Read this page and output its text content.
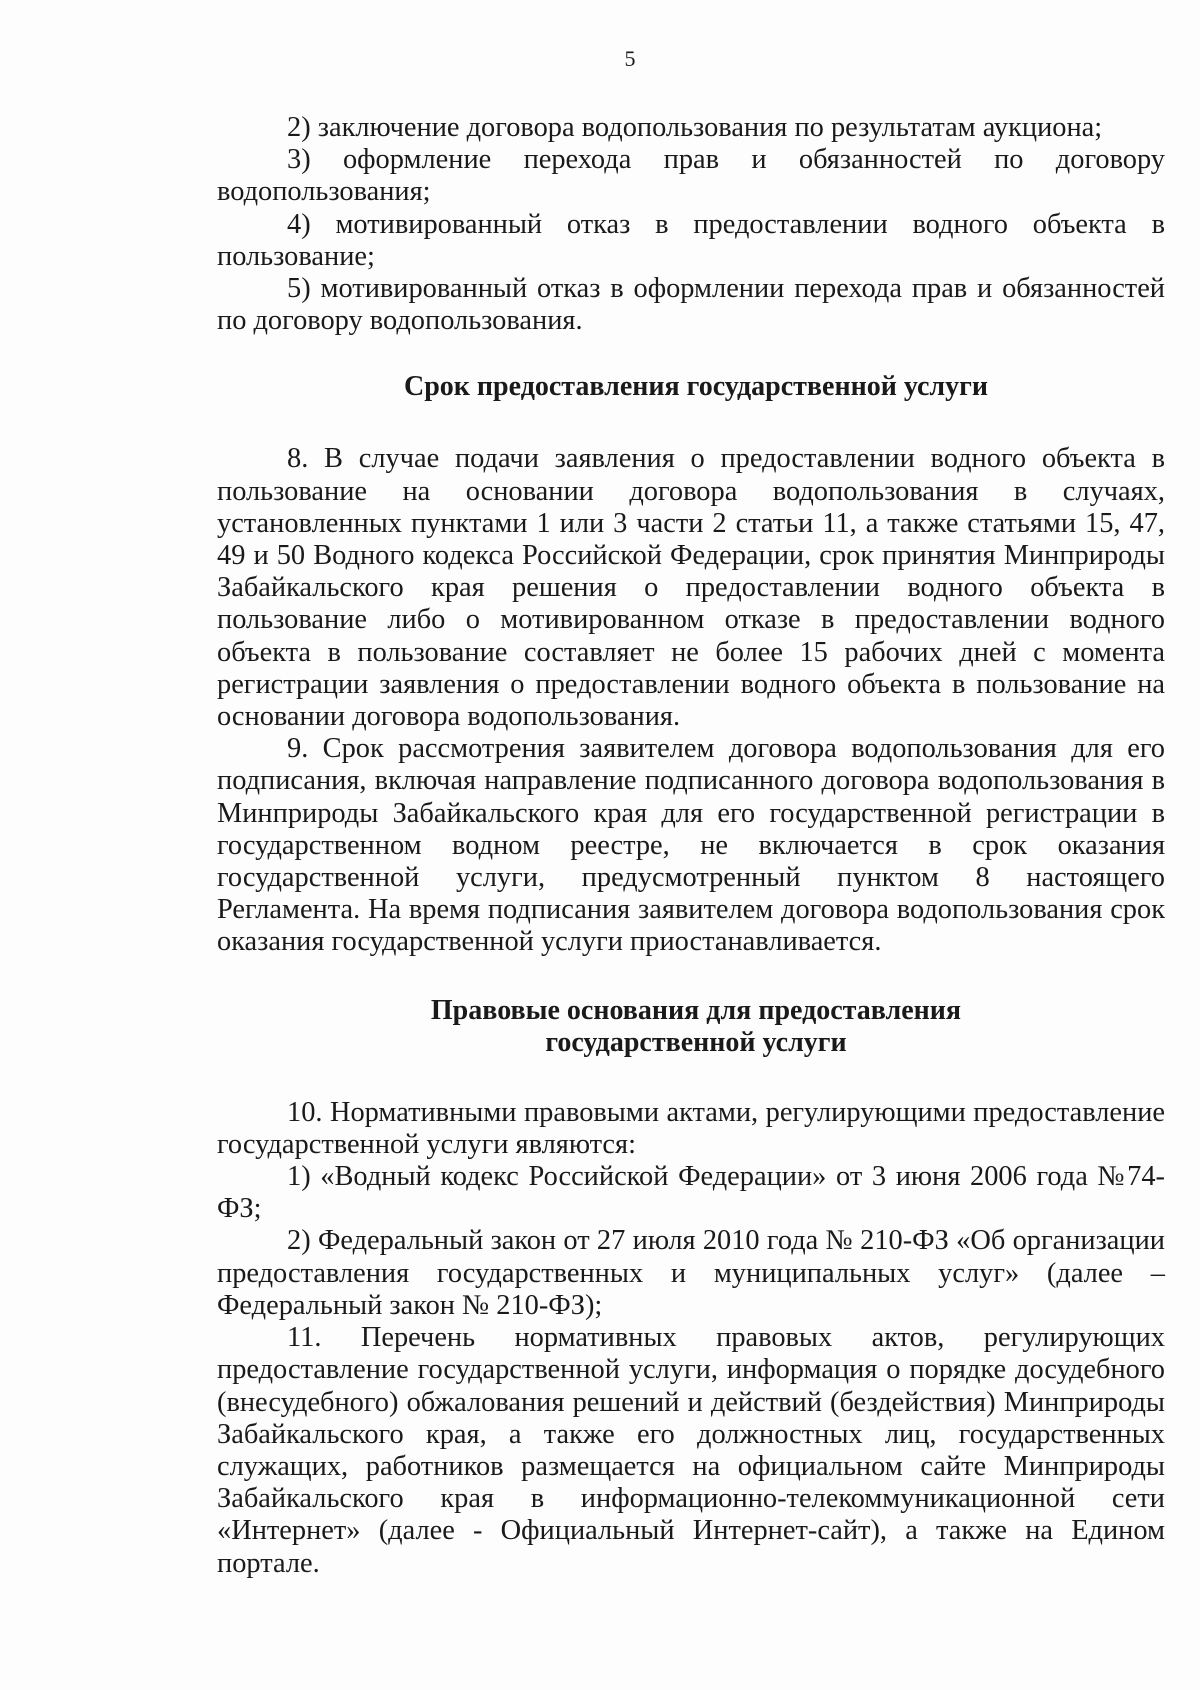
5

2) заключение договора водопользования по результатам аукциона;

3) оформление перехода прав и обязанностей по договору водопользования;

4) мотивированный отказ в предоставлении водного объекта в пользование;

5) мотивированный отказ в оформлении перехода прав и обязанностей по договору водопользования.

Срок предоставления государственной услуги

8. В случае подачи заявления о предоставлении водного объекта в пользование на основании договора водопользования в случаях, установленных пунктами 1 или 3 части 2 статьи 11, а также статьями 15, 47, 49 и 50 Водного кодекса Российской Федерации, срок принятия Минприроды Забайкальского края решения о предоставлении водного объекта в пользование либо о мотивированном отказе в предоставлении водного объекта в пользование составляет не более 15 рабочих дней с момента регистрации заявления о предоставлении водного объекта в пользование на основании договора водопользования.

9. Срок рассмотрения заявителем договора водопользования для его подписания, включая направление подписанного договора водопользования в Минприроды Забайкальского края для его государственной регистрации в государственном водном реестре, не включается в срок оказания государственной услуги, предусмотренный пунктом 8 настоящего Регламента. На время подписания заявителем договора водопользования срок оказания государственной услуги приостанавливается.

Правовые основания для предоставления
государственной услуги

10. Нормативными правовыми актами, регулирующими предоставление государственной услуги являются:

1) «Водный кодекс Российской Федерации» от 3 июня 2006 года №74-ФЗ;

2) Федеральный закон от 27 июля 2010 года № 210-ФЗ «Об организации предоставления государственных и муниципальных услуг» (далее – Федеральный закон № 210-ФЗ);

11. Перечень нормативных правовых актов, регулирующих предоставление государственной услуги, информация о порядке досудебного (внесудебного) обжалования решений и действий (бездействия) Минприроды Забайкальского края, а также его должностных лиц, государственных служащих, работников размещается на официальном сайте Минприроды Забайкальского края в информационно-телекоммуникационной сети «Интернет» (далее - Официальный Интернет-сайт), а также на Едином портале.
